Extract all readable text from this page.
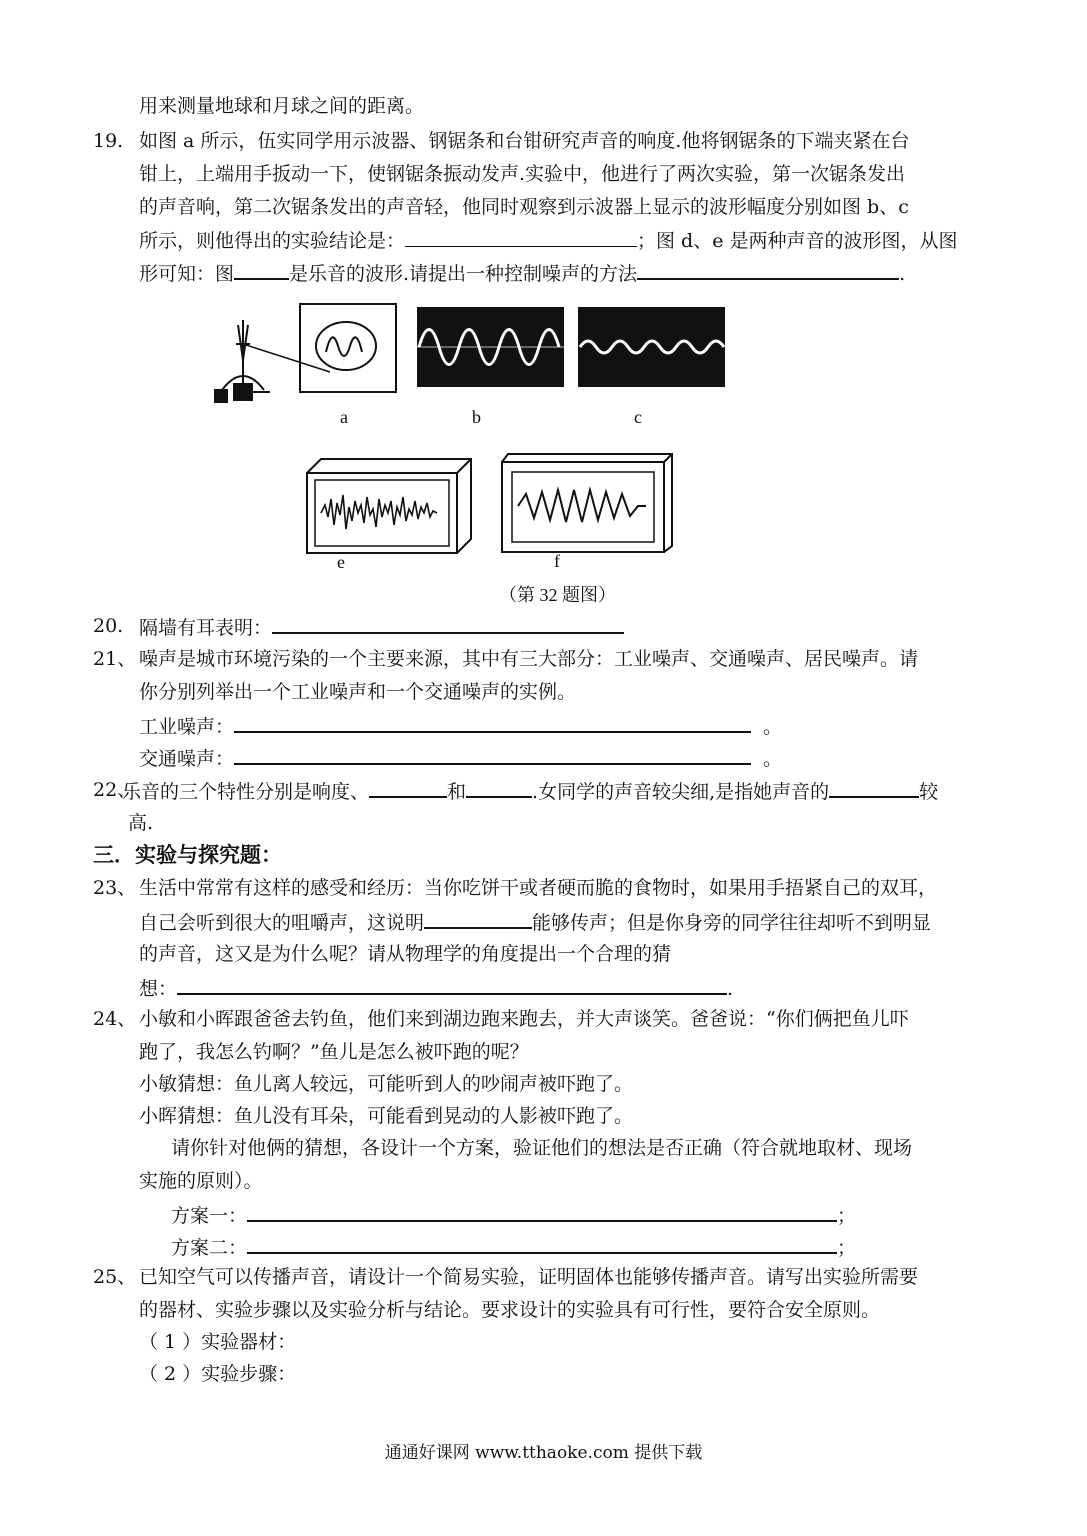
用来测量地球和月球之间的距离。
19. 如图 a 所示，伍实同学用示波器、钢锯条和台钳研究声音的响度.他将钢锯条的下端夹紧在台
钳上，上端用手扳动一下，使钢锯条振动发声.实验中，他进行了两次实验，第一次锯条发出
的声音响，第二次锯条发出的声音轻，他同时观察到示波器上显示的波形幅度分别如图 b、c
所示，则他得出的实验结论是：	；图 d、e 是两种声音的波形图，从图
形可知：图	是乐音的波形.请提出一种控制噪声的方法	.
a	b	c
e	f
（第 32 题图）
20. 隔墙有耳表明：
21、 噪声是城市环境污染的一个主要来源，其中有三大部分：工业噪声、交通噪声、居民噪声。请
你分别列举出一个工业噪声和一个交通噪声的实例。
工业噪声：	。
交通噪声：	。
22、
乐音的三个特性分别是响度、	和	.女同学的声音较尖细,是指她声音的	较
高.
三．实验与探究题：
23、 生活中常常有这样的感受和经历：当你吃饼干或者硬而脆的食物时，如果用手捂紧自己的双耳，
自己会听到很大的咀嚼声，这说明	能够传声；但是你身旁的同学往往却听不到明显
的声音，这又是为什么呢？请从物理学的角度提出一个合理的猜
想：	.
24、 小敏和小晖跟爸爸去钓鱼，他们来到湖边跑来跑去，并大声谈笑。爸爸说：“你们俩把鱼儿吓
跑了，我怎么钓啊？”鱼儿是怎么被吓跑的呢？
小敏猜想：鱼儿离人较远，可能听到人的吵闹声被吓跑了。
小晖猜想：鱼儿没有耳朵，可能看到晃动的人影被吓跑了。
请你针对他俩的猜想，各设计一个方案，验证他们的想法是否正确（符合就地取材、现场
实施的原则）。
方案一：	；
方案二：	；
25、 已知空气可以传播声音，请设计一个简易实验，证明固体也能够传播声音。请写出实验所需要
的器材、实验步骤以及实验分析与结论。要求设计的实验具有可行性，要符合安全原则。
（ 1 ）实验器材：
（ 2 ）实验步骤：
通通好课网 www.tthaoke.com 提供下载
